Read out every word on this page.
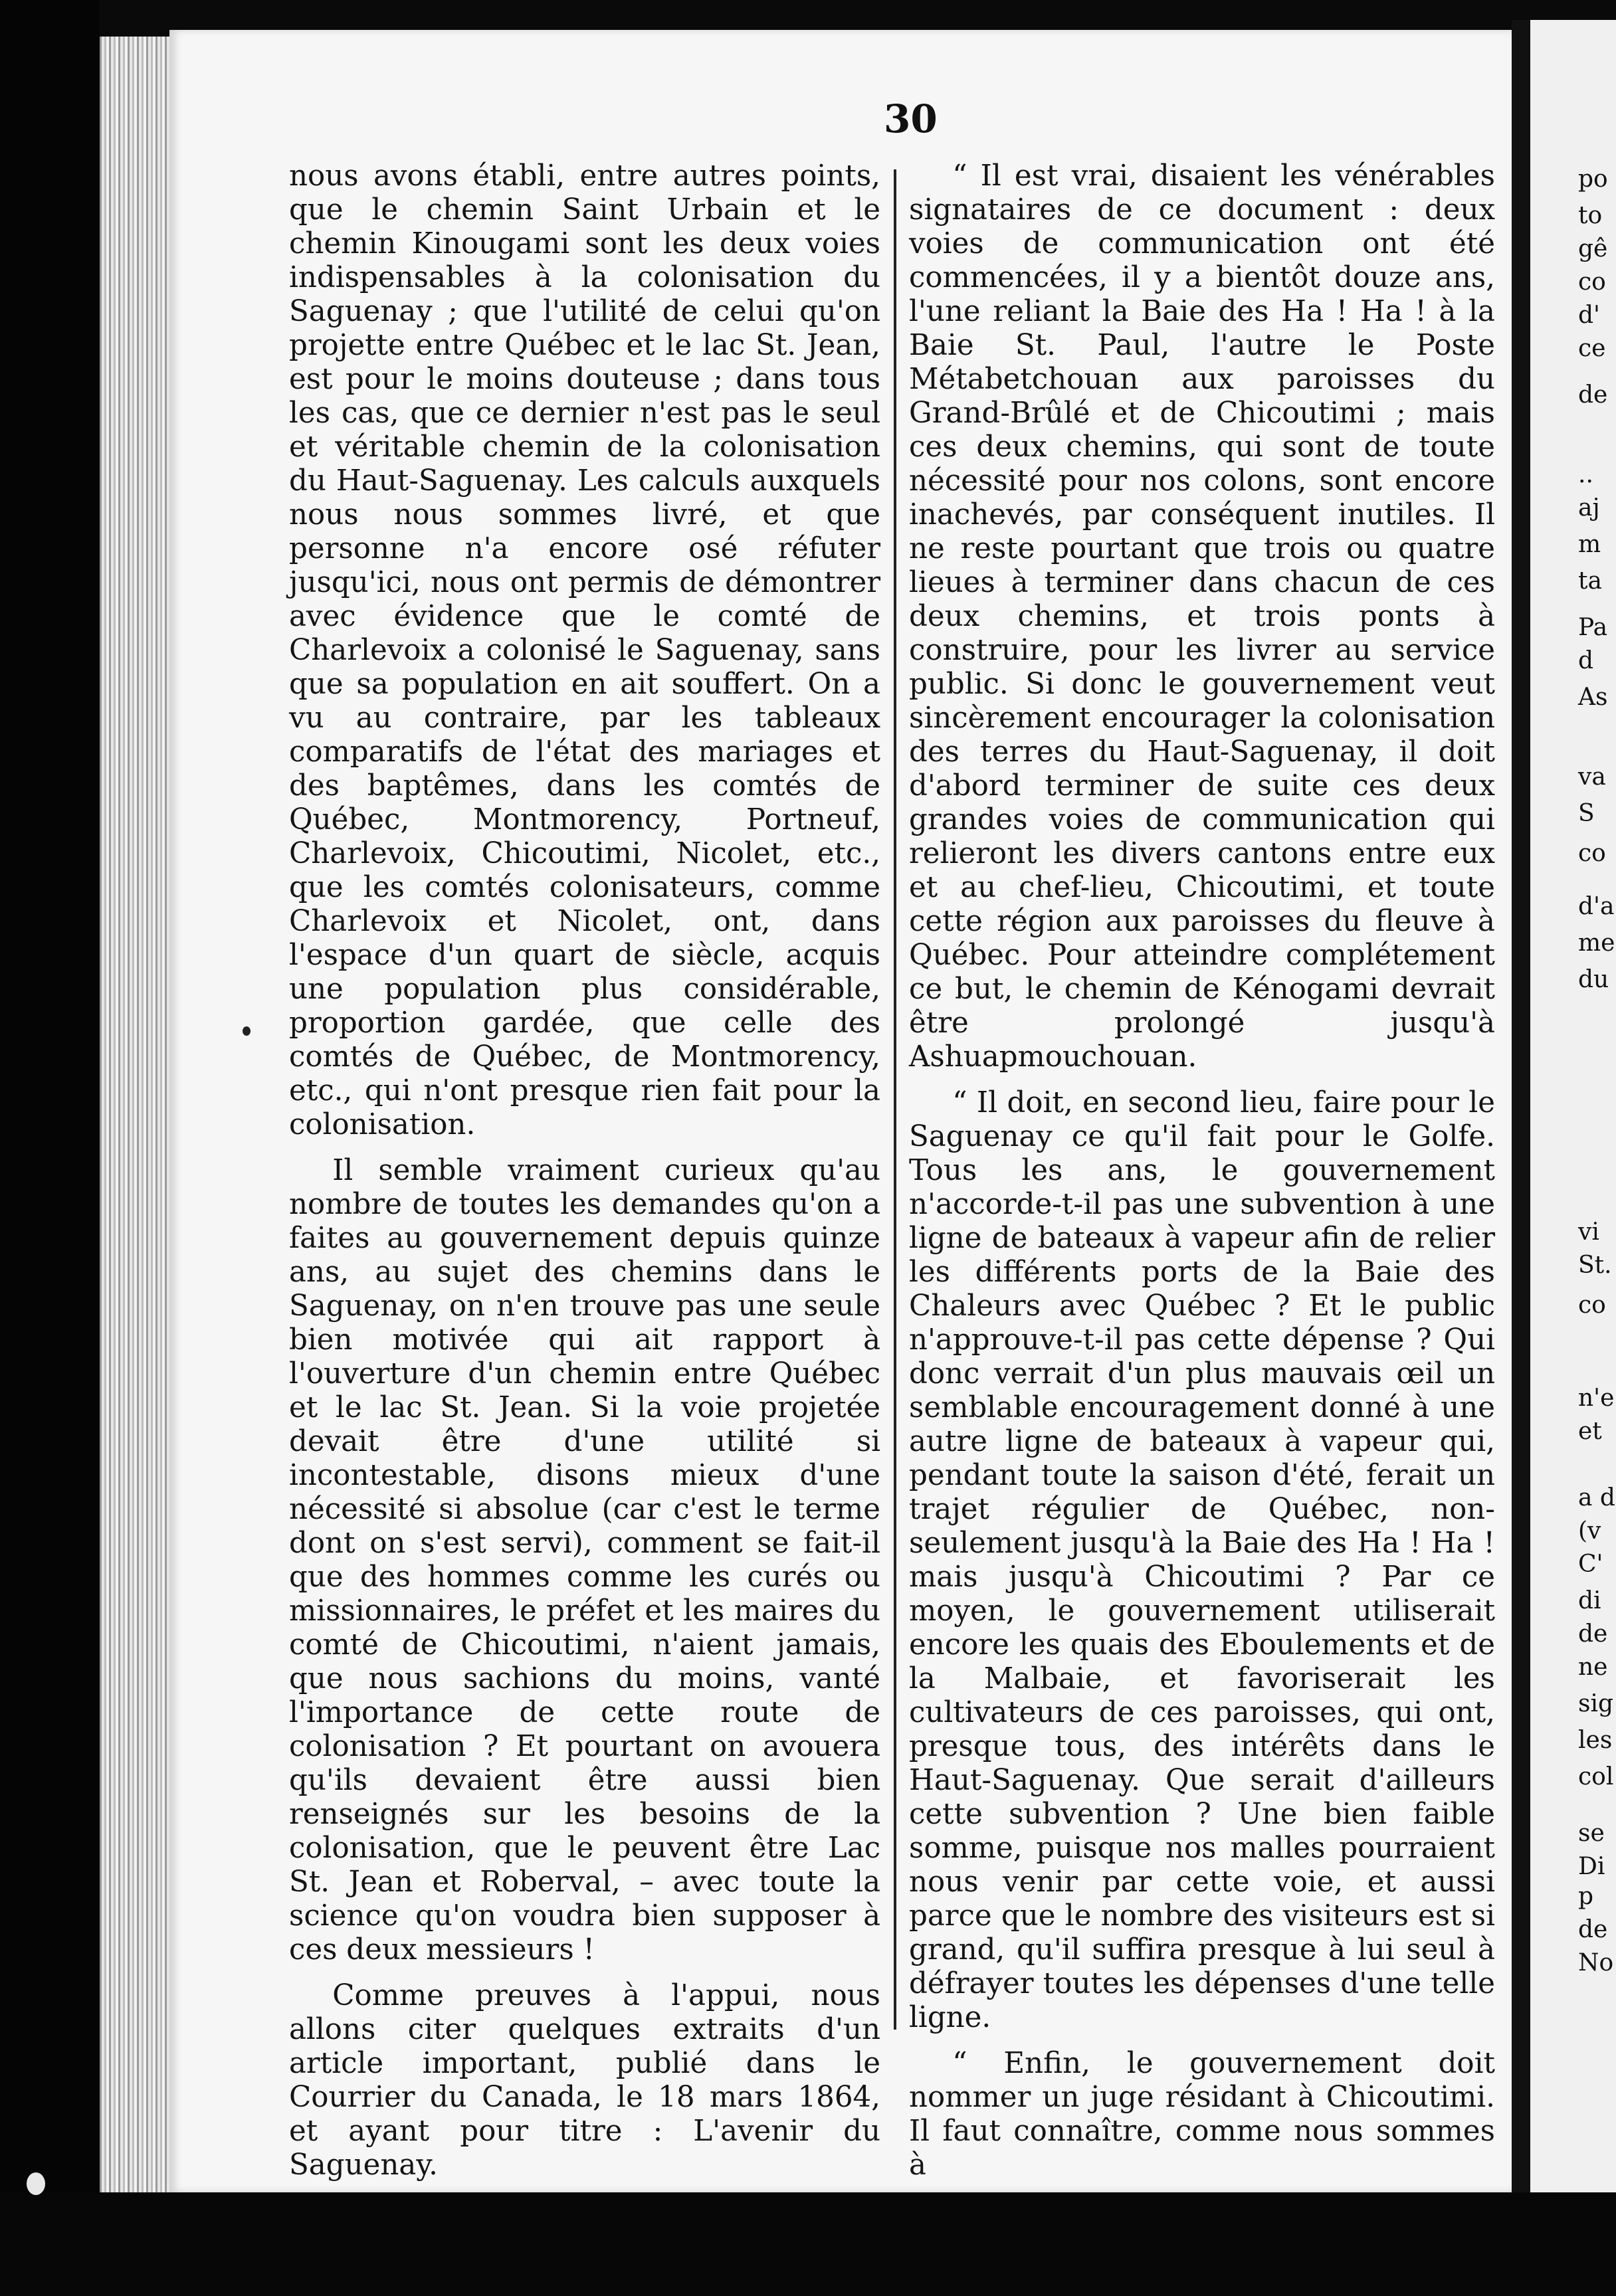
po
to
gê
co
d'
ce
de
..
aj
m
ta
Pa
d
As
va
S
co
d'a
me
du
vi
St.
co
n'e
et
a d
(v
C'
di
de
ne
sig
les
col
se
Di
p
de
No
30

nous avons établi, entre autres points, que le chemin Saint Urbain et le chemin Kinougami sont les deux voies indispensables à la colonisation du Saguenay ; que l'utilité de celui qu'on projette entre Québec et le lac St. Jean, est pour le moins douteuse ; dans tous les cas, que ce dernier n'est pas le seul et véritable chemin de la colonisation du Haut-Saguenay. Les calculs auxquels nous nous sommes livré, et que personne n'a encore osé réfuter jusqu'ici, nous ont permis de démontrer avec évidence que le comté de Charlevoix a colonisé le Saguenay, sans que sa population en ait souffert. On a vu au contraire, par les tableaux comparatifs de l'état des mariages et des baptêmes, dans les comtés de Québec, Montmorency, Portneuf, Charlevoix, Chicoutimi, Nicolet, etc., que les comtés colonisateurs, comme Charlevoix et Nicolet, ont, dans l'espace d'un quart de siècle, acquis une population plus considérable, proportion gardée, que celle des comtés de Québec, de Montmorency, etc., qui n'ont presque rien fait pour la colonisation.

Il semble vraiment curieux qu'au nombre de toutes les demandes qu'on a faites au gouvernement depuis quinze ans, au sujet des chemins dans le Saguenay, on n'en trouve pas une seule bien motivée qui ait rapport à l'ouverture d'un chemin entre Québec et le lac St. Jean. Si la voie projetée devait être d'une utilité si incontestable, disons mieux d'une nécessité si absolue (car c'est le terme dont on s'est servi), comment se fait-il que des hommes comme les curés ou missionnaires, le préfet et les maires du comté de Chicoutimi, n'aient jamais, que nous sachions du moins, vanté l'importance de cette route de colonisation ? Et pourtant on avouera qu'ils devaient être aussi bien renseignés sur les besoins de la colonisation, que le peuvent être Lac St. Jean et Roberval, – avec toute la science qu'on voudra bien supposer à ces deux messieurs !

Comme preuves à l'appui, nous allons citer quelques extraits d'un article important, publié dans le Courrier du Canada, le 18 mars 1864, et ayant pour titre : L'avenir du Saguenay.

“ Il est vrai, disaient les vénérables signataires de ce document : deux voies de communication ont été commencées, il y a bientôt douze ans, l'une reliant la Baie des Ha ! Ha ! à la Baie St. Paul, l'autre le Poste Métabetchouan aux paroisses du Grand-Brûlé et de Chicoutimi ; mais ces deux chemins, qui sont de toute nécessité pour nos colons, sont encore inachevés, par conséquent inutiles. Il ne reste pourtant que trois ou quatre lieues à terminer dans chacun de ces deux chemins, et trois ponts à construire, pour les livrer au service public. Si donc le gouvernement veut sincèrement encourager la colonisation des terres du Haut-Saguenay, il doit d'abord terminer de suite ces deux grandes voies de communication qui relieront les divers cantons entre eux et au chef-lieu, Chicoutimi, et toute cette région aux paroisses du fleuve à Québec. Pour atteindre complétement ce but, le chemin de Kénogami devrait être prolongé jusqu'à Ashuapmouchouan.

“ Il doit, en second lieu, faire pour le Saguenay ce qu'il fait pour le Golfe. Tous les ans, le gouvernement n'accorde-t-il pas une subvention à une ligne de bateaux à vapeur afin de relier les différents ports de la Baie des Chaleurs avec Québec ? Et le public n'approuve-t-il pas cette dépense ? Qui donc verrait d'un plus mauvais œil un semblable encouragement donné à une autre ligne de bateaux à vapeur qui, pendant toute la saison d'été, ferait un trajet régulier de Québec, non-seulement jusqu'à la Baie des Ha ! Ha ! mais jusqu'à Chicoutimi ? Par ce moyen, le gouvernement utiliserait encore les quais des Eboulements et de la Malbaie, et favoriserait les cultivateurs de ces paroisses, qui ont, presque tous, des intérêts dans le Haut-Saguenay. Que serait d'ailleurs cette subvention ? Une bien faible somme, puisque nos malles pourraient nous venir par cette voie, et aussi parce que le nombre des visiteurs est si grand, qu'il suffira presque à lui seul à défrayer toutes les dépenses d'une telle ligne.

“ Enfin, le gouvernement doit nommer un juge résidant à Chicoutimi. Il faut connaître, comme nous sommes à
